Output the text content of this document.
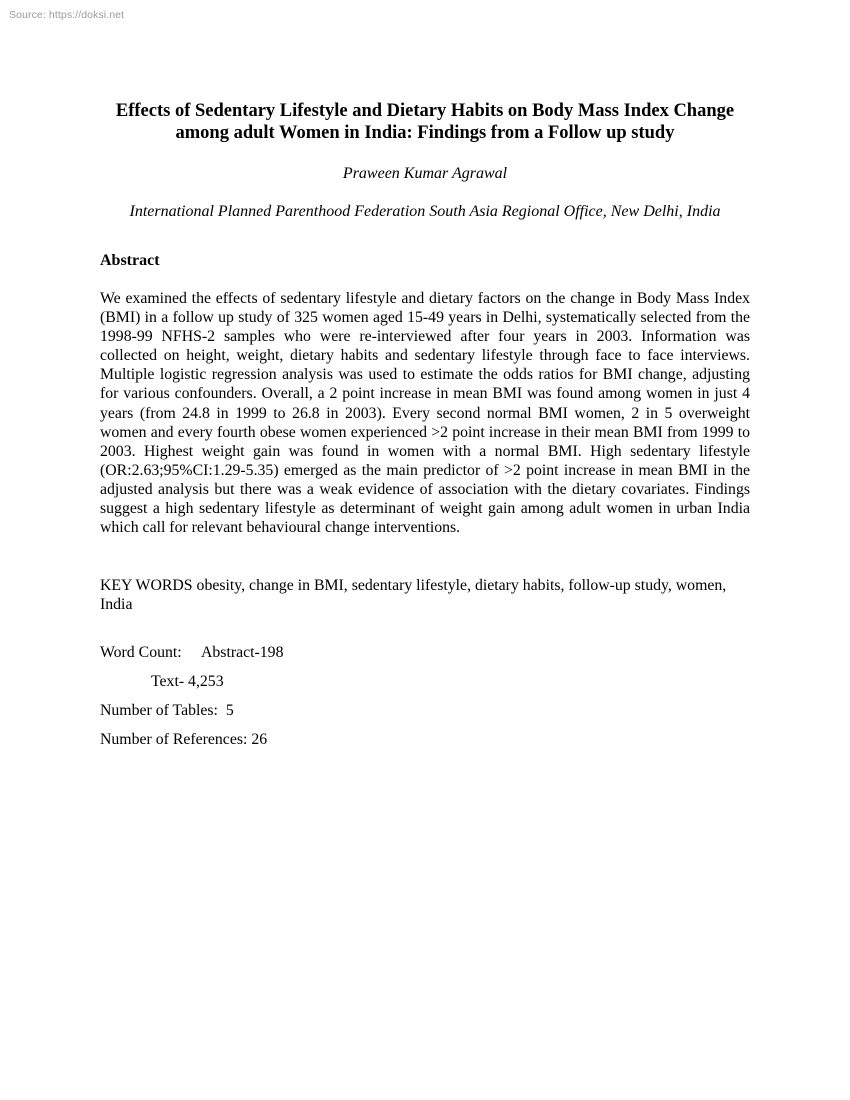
Source: https://doksi.net
Effects of Sedentary Lifestyle and Dietary Habits on Body Mass Index Change
among adult Women in India: Findings from a Follow up study
Praween Kumar Agrawal
International Planned Parenthood Federation South Asia Regional Office, New Delhi, India
Abstract

We examined the effects of sedentary lifestyle and dietary factors on the change in Body Mass Index (BMI) in a follow up study of 325 women aged 15-49 years in Delhi, systematically selected from the 1998-99 NFHS-2 samples who were re-interviewed after four years in 2003. Information was collected on height, weight, dietary habits and sedentary lifestyle through face to face interviews. Multiple logistic regression analysis was used to estimate the odds ratios for BMI change, adjusting for various confounders. Overall, a 2 point increase in mean BMI was found among women in just 4 years (from 24.8 in 1999 to 26.8 in 2003). Every second normal BMI women, 2 in 5 overweight women and every fourth obese women experienced >2 point increase in their mean BMI from 1999 to 2003. Highest weight gain was found in women with a normal BMI. High sedentary lifestyle (OR:2.63;95%CI:1.29-5.35) emerged as the main predictor of >2 point increase in mean BMI in the adjusted analysis but there was a weak evidence of association with the dietary covariates. Findings suggest a high sedentary lifestyle as determinant of weight gain among adult women in urban India which call for relevant behavioural change interventions.

KEY WORDS obesity, change in BMI, sedentary lifestyle, dietary habits, follow-up study, women, India

Word Count: Abstract-198
Text- 4,253
Number of Tables: 5
Number of References: 26
